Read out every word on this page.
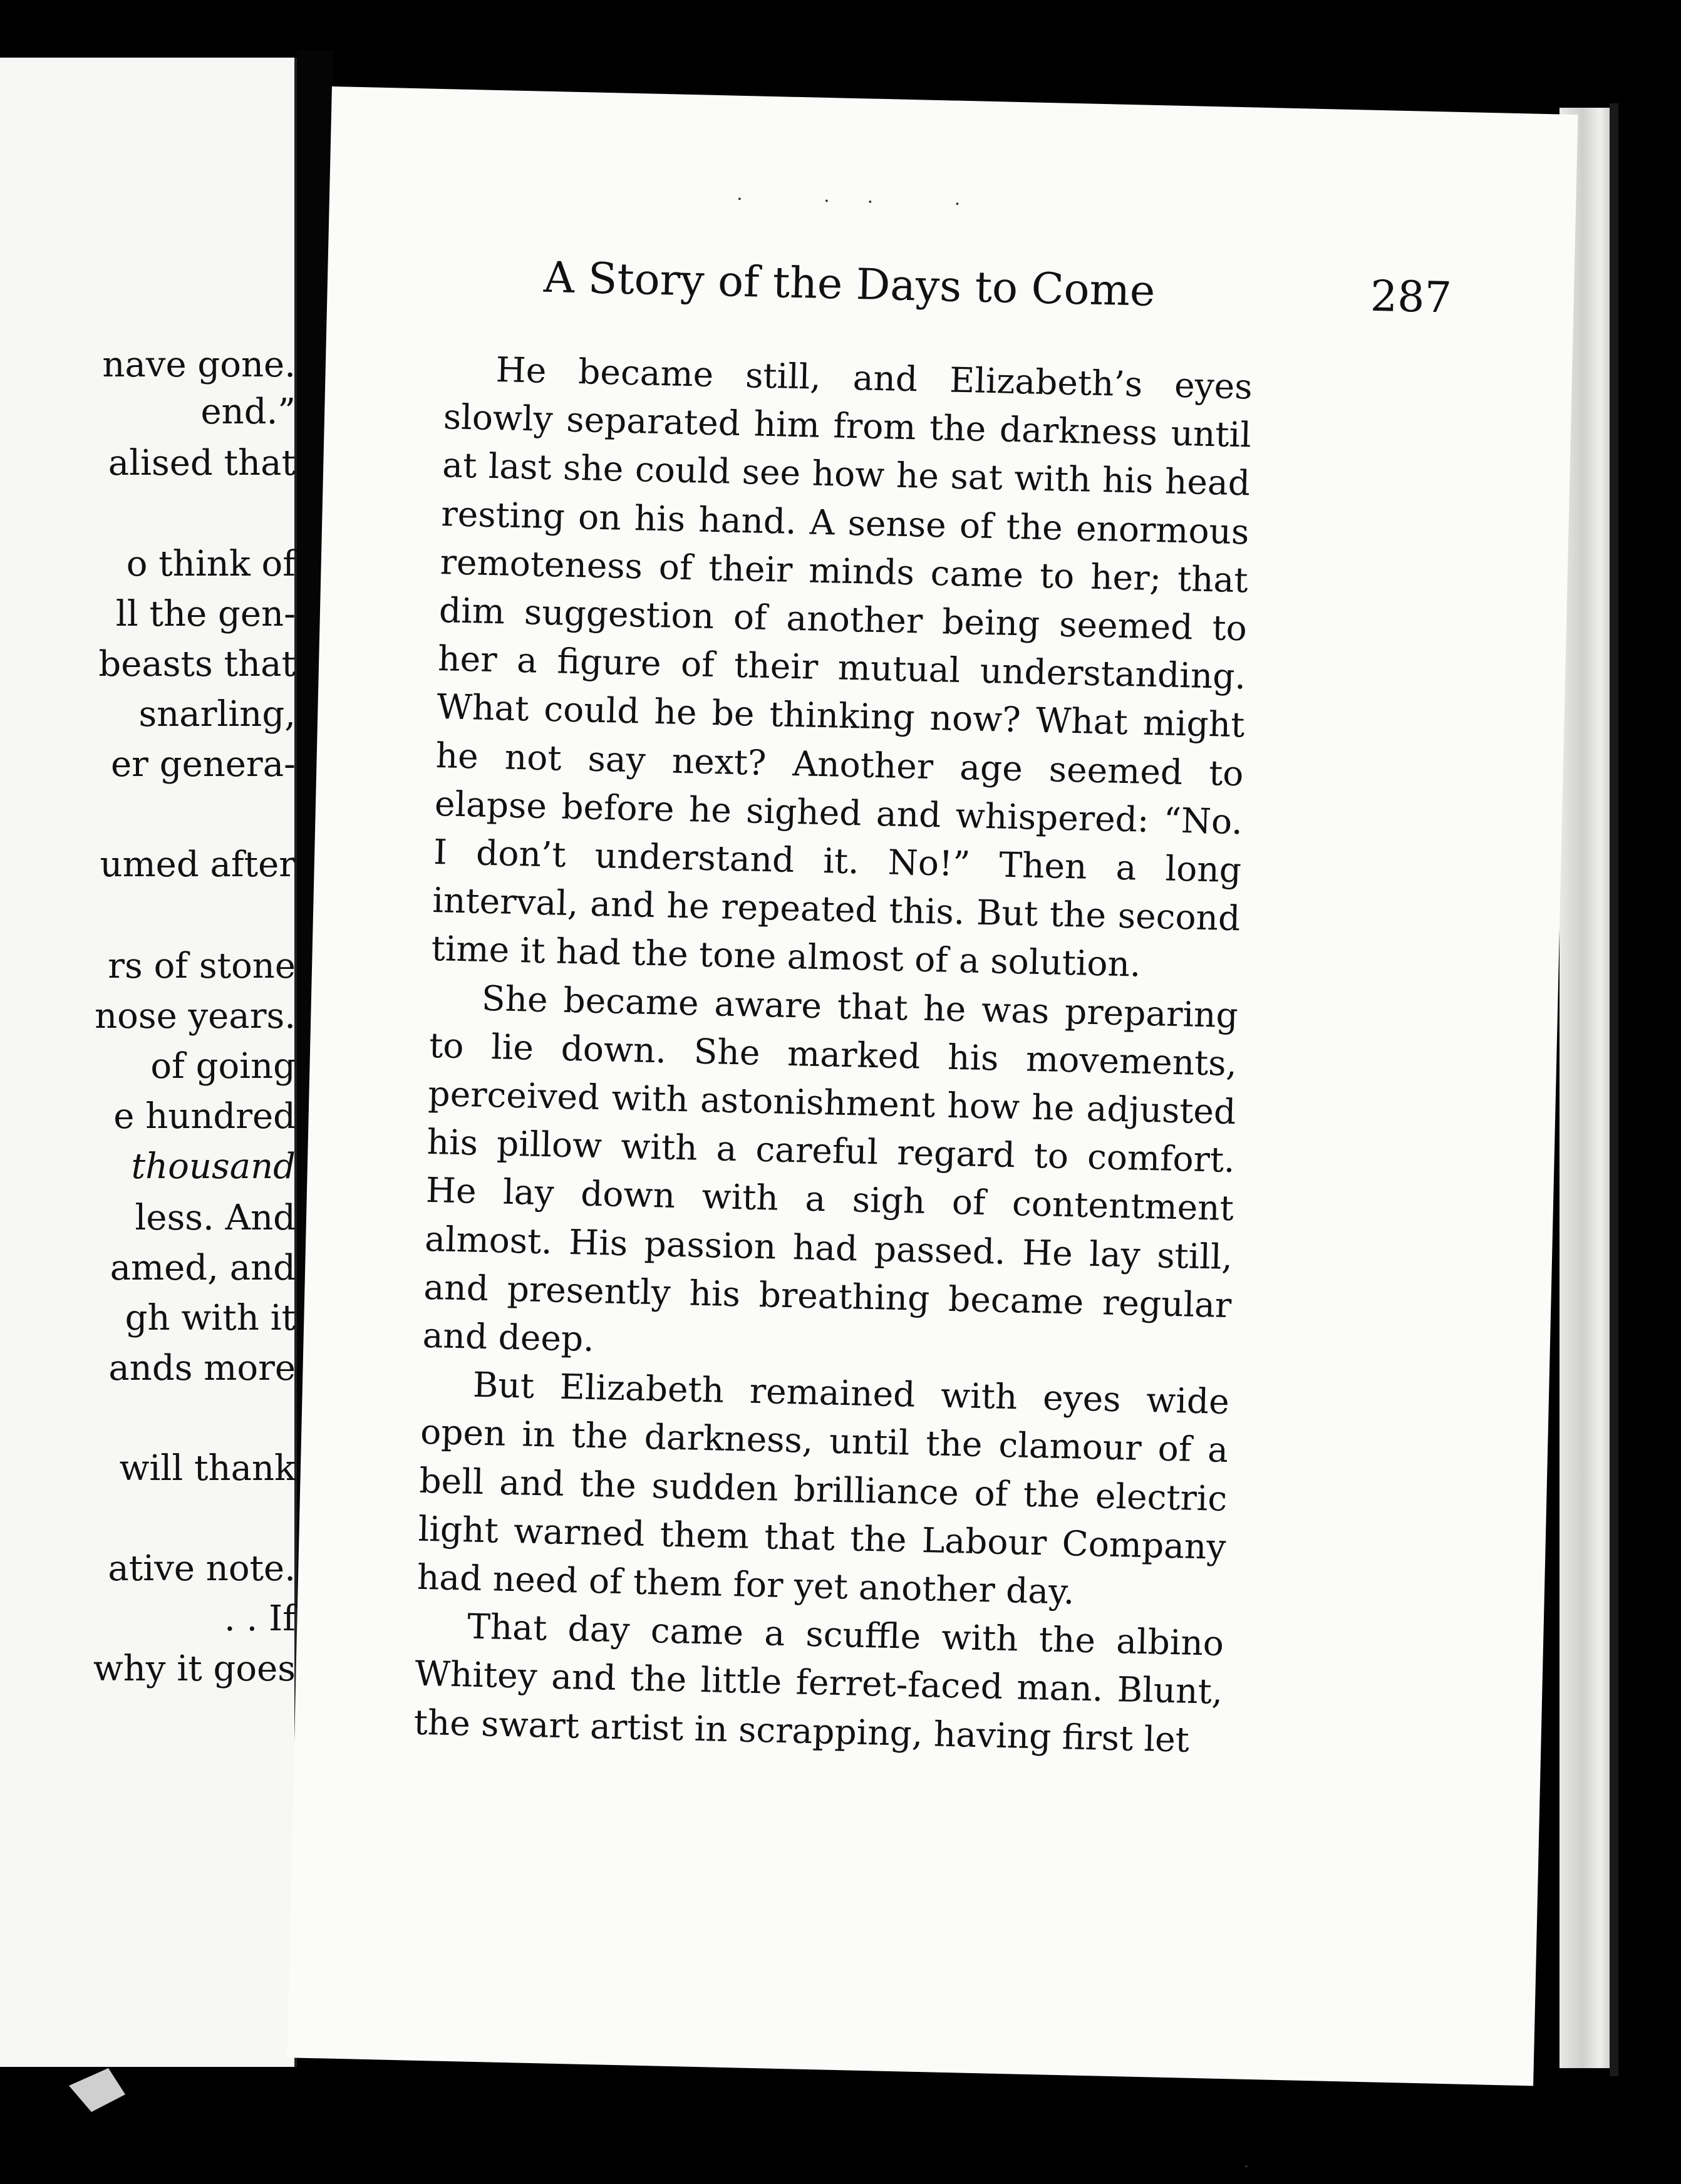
nave gone.
end.”
alised that
o think of
ll the gen-
beasts that
snarling,
er genera-
umed after
rs of stone
nose years.
of going
e hundred
thousand
less. And
amed, and
gh with it
ands more
will thank
ative note.
. . If
why it goes
· ·· ·
A Story of the Days to Come	287

He became still, and Elizabeth’s eyes slowly separated him from the darkness until at last she could see how he sat with his head resting on his hand. A sense of the enormous remoteness of their minds came to her; that dim suggestion of another being seemed to her a figure of their mutual understanding. What could he be thinking now? What might he not say next? Another age seemed to elapse before he sighed and whispered: “No. I don’t understand it. No!” Then a long interval, and he repeated this. But the second time it had the tone almost of a solution.

She became aware that he was preparing to lie down. She marked his movements, perceived with astonishment how he adjusted his pillow with a careful regard to comfort. He lay down with a sigh of contentment almost. His passion had passed. He lay still, and presently his breathing became regular and deep.

But Elizabeth remained with eyes wide open in the darkness, until the clamour of a bell and the sudden brilliance of the electric light warned them that the Labour Company had need of them for yet another day.

That day came a scuffle with the albino Whitey and the little ferret-faced man. Blunt, the swart artist in scrapping, having first let

·
